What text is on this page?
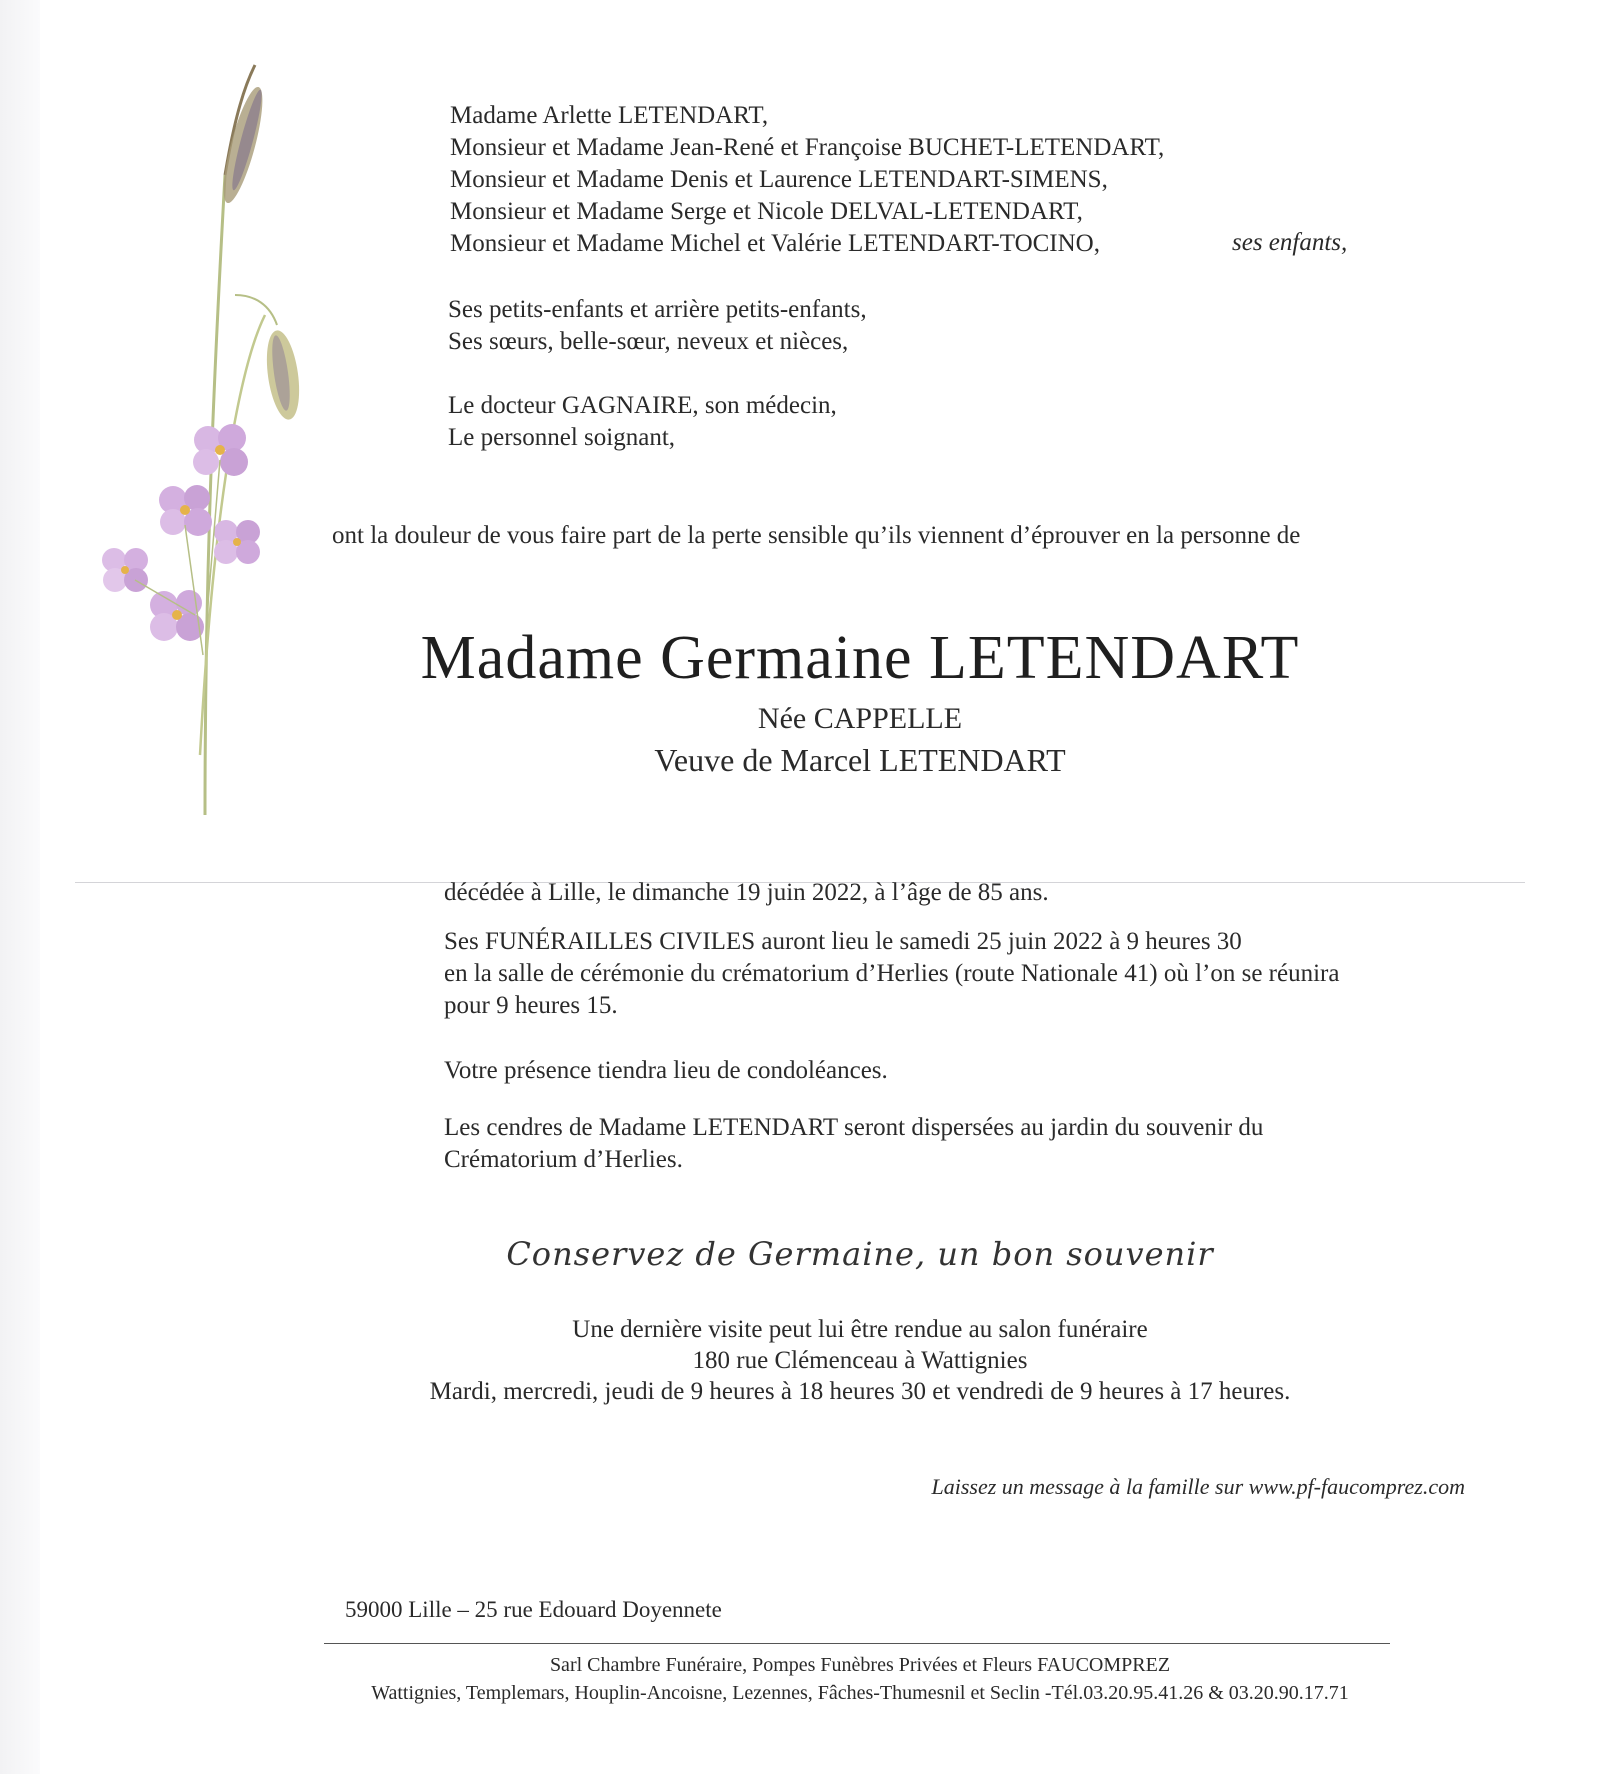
Madame Arlette LETENDART,
Monsieur et Madame Jean-René et Françoise BUCHET-LETENDART,
Monsieur et Madame Denis et Laurence LETENDART-SIMENS,
Monsieur et Madame Serge et Nicole DELVAL-LETENDART,
Monsieur et Madame Michel et Valérie LETENDART-TOCINO,	ses enfants,
Ses petits-enfants et arrière petits-enfants,
Ses sœurs, belle-sœur, neveux et nièces,
Le docteur GAGNAIRE, son médecin,
Le personnel soignant,
ont la douleur de vous faire part de la perte sensible qu’ils viennent d’éprouver en la personne de
Madame Germaine LETENDART
Née CAPPELLE
Veuve de Marcel LETENDART
décédée à Lille, le dimanche 19 juin 2022, à l’âge de 85 ans.
Ses FUNÉRAILLES CIVILES auront lieu le samedi 25 juin 2022 à 9 heures 30
en la salle de cérémonie du crématorium d’Herlies (route Nationale 41) où l’on se réunira
pour 9 heures 15.
Votre présence tiendra lieu de condoléances.
Les cendres de Madame LETENDART seront dispersées au jardin du souvenir du
Crématorium d’Herlies.
Conservez de Germaine, un bon souvenir
Une dernière visite peut lui être rendue au salon funéraire
180 rue Clémenceau à Wattignies
Mardi, mercredi, jeudi de 9 heures à 18 heures 30 et vendredi de 9 heures à 17 heures.
Laissez un message à la famille sur www.pf-faucomprez.com
59000 Lille – 25 rue Edouard Doyennete
Sarl Chambre Funéraire, Pompes Funèbres Privées et Fleurs FAUCOMPREZ
Wattignies, Templemars, Houplin-Ancoisne, Lezennes, Fâches-Thumesnil et Seclin -Tél.03.20.95.41.26 & 03.20.90.17.71
